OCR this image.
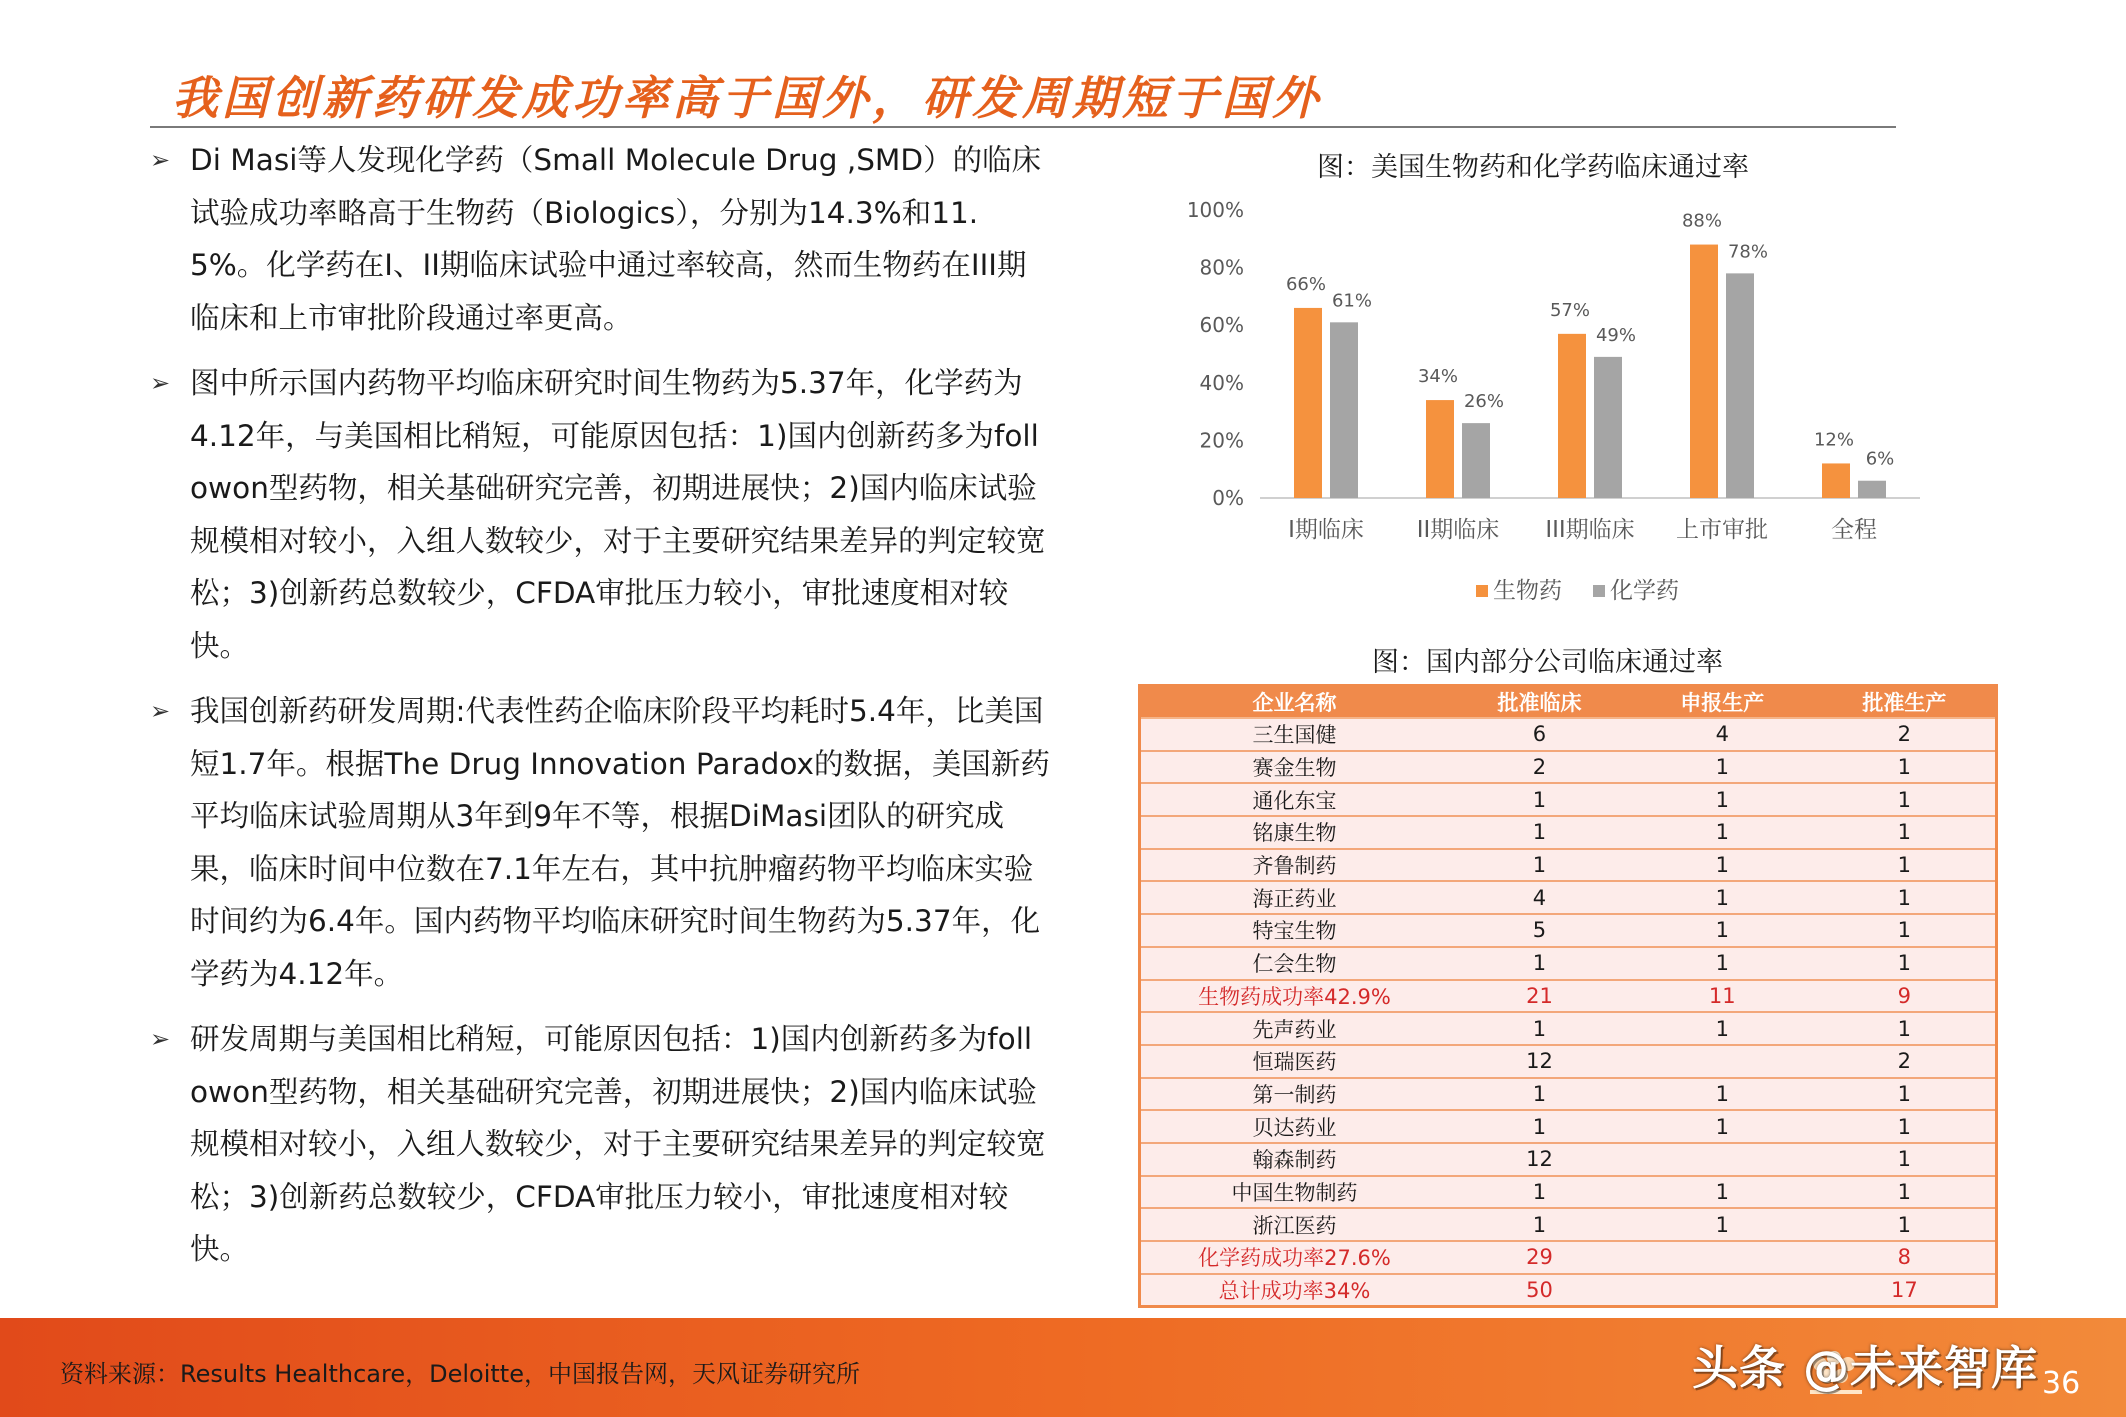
我国创新药研发成功率高于国外，研发周期短于国外
➢ Di Masi等人发现化学药（Small Molecule Drug ,SMD）的临床试验成功率略高于生物药（Biologics），分别为14.3%和11.5%。化学药在I、II期临床试验中通过率较高，然而生物药在III期临床和上市审批阶段通过率更高。
➢ 图中所示国内药物平均临床研究时间生物药为5.37年，化学药为4.12年，与美国相比稍短，可能原因包括：1)国内创新药多为followon型药物，相关基础研究完善，初期进展快；2)国内临床试验规模相对较小，入组人数较少，对于主要研究结果差异的判定较宽松；3)创新药总数较少，CFDA审批压力较小，审批速度相对较快。
➢ 我国创新药研发周期:代表性药企临床阶段平均耗时5.4年，比美国短1.7年。根据The Drug Innovation Paradox的数据，美国新药平均临床试验周期从3年到9年不等，根据DiMasi团队的研究成果，临床时间中位数在7.1年左右，其中抗肿瘤药物平均临床实验时间约为6.4年。国内药物平均临床研究时间生物药为5.37年，化学药为4.12年。
➢ 研发周期与美国相比稍短，可能原因包括：1)国内创新药多为followon型药物，相关基础研究完善，初期进展快；2)国内临床试验规模相对较小，入组人数较少，对于主要研究结果差异的判定较宽松；3)创新药总数较少，CFDA审批压力较小，审批速度相对较快。
图：美国生物药和化学药临床通过率
0%
20%
40%
60%
80%
100%
66%
61%
I期临床
34%
26%
II期临床
57%
49%
III期临床
88%
78%
上市审批
12%
6%
全程
生物药 化学药
图：国内部分公司临床通过率
企业名称	批准临床	申报生产	批准生产
三生国健	6	4	2
赛金生物	2	1	1
通化东宝	1	1	1
铭康生物	1	1	1
齐鲁制药	1	1	1
海正药业	4	1	1
特宝生物	5	1	1
仁会生物	1	1	1
生物药成功率42.9%	21	11	9
先声药业	1	1	1
恒瑞医药	12		2
第一制药	1	1	1
贝达药业	1	1	1
翰森制药	12		1
中国生物制药	1	1	1
浙江医药	1	1	1
化学药成功率27.6%	29		8
总计成功率34%	50		17
资料来源：Results Healthcare，Deloitte，中国报告网，天风证券研究所	头条 @未来智库 36
